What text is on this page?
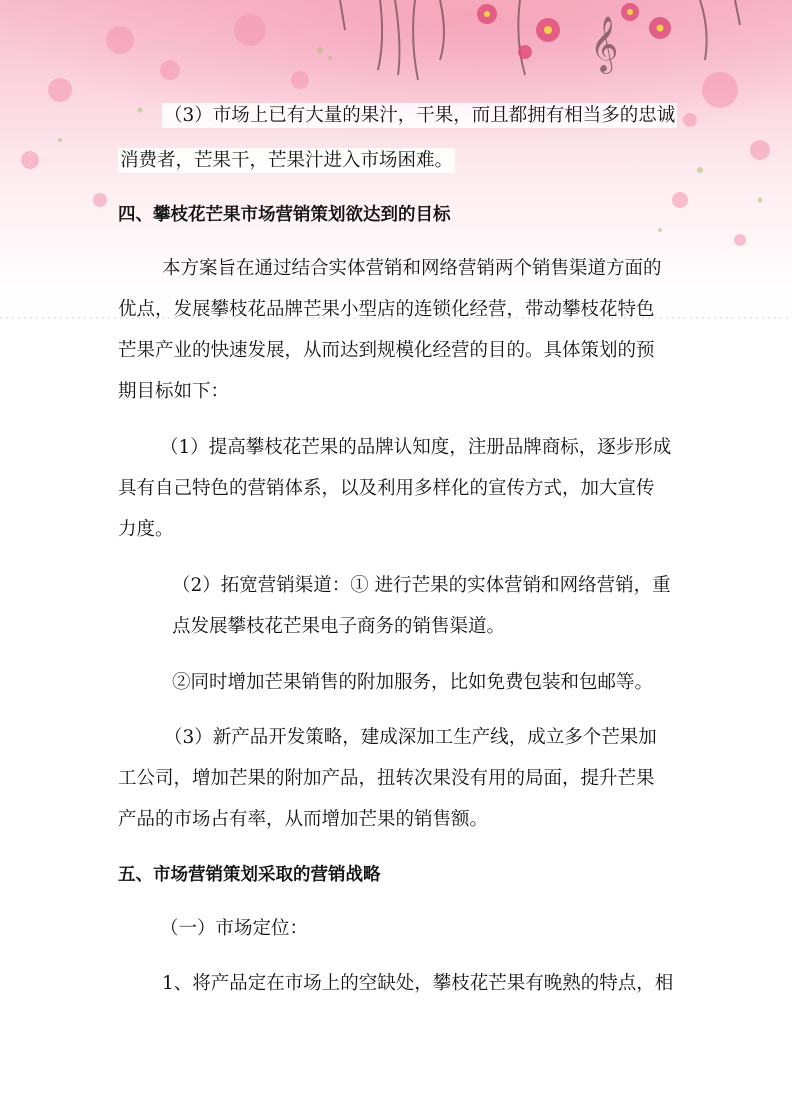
𝄞
（3）市场上已有大量的果汁，干果，而且都拥有相当多的忠诚
消费者，芒果干，芒果汁进入市场困难。
四、攀枝花芒果市场营销策划欲达到的目标
本方案旨在通过结合实体营销和网络营销两个销售渠道方面的
优点，发展攀枝花品牌芒果小型店的连锁化经营，带动攀枝花特色
芒果产业的快速发展，从而达到规模化经营的目的。具体策划的预
期目标如下：
（1）提高攀枝花芒果的品牌认知度，注册品牌商标，逐步形成
具有自己特色的营销体系，以及利用多样化的宣传方式，加大宣传
力度。
（2）拓宽营销渠道：① 进行芒果的实体营销和网络营销，重
点发展攀枝花芒果电子商务的销售渠道。
②同时增加芒果销售的附加服务，比如免费包装和包邮等。
（3）新产品开发策略，建成深加工生产线，成立多个芒果加
工公司，增加芒果的附加产品，扭转次果没有用的局面，提升芒果
产品的市场占有率，从而增加芒果的销售额。
五、市场营销策划采取的营销战略
（一）市场定位：
1、将产品定在市场上的空缺处，攀枝花芒果有晚熟的特点，相
